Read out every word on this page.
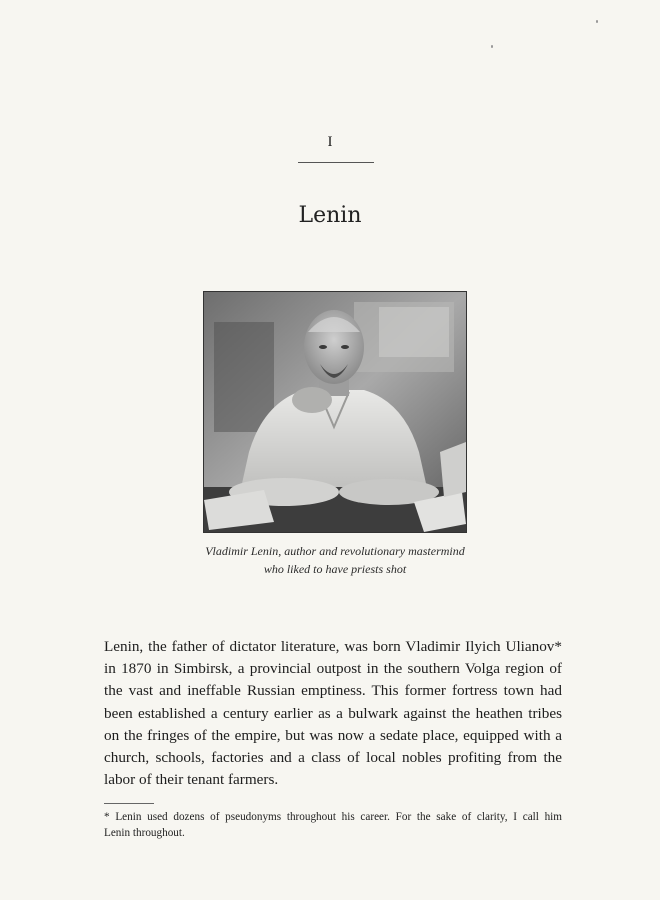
I
Lenin
Vladimir Lenin, author and revolutionary mastermind
who liked to have priests shot
Lenin, the father of dictator literature, was born Vladimir Ilyich Ulianov*
in 1870 in Simbirsk, a provincial outpost in the southern Volga region of
the vast and ineffable Russian emptiness. This former fortress town had
been established a century earlier as a bulwark against the heathen tribes
on the fringes of the empire, but was now a sedate place, equipped with a
church, schools, factories and a class of local nobles profiting from the
labor of their tenant farmers.
* Lenin used dozens of pseudonyms throughout his career. For the sake of clarity, I call him
Lenin throughout.
